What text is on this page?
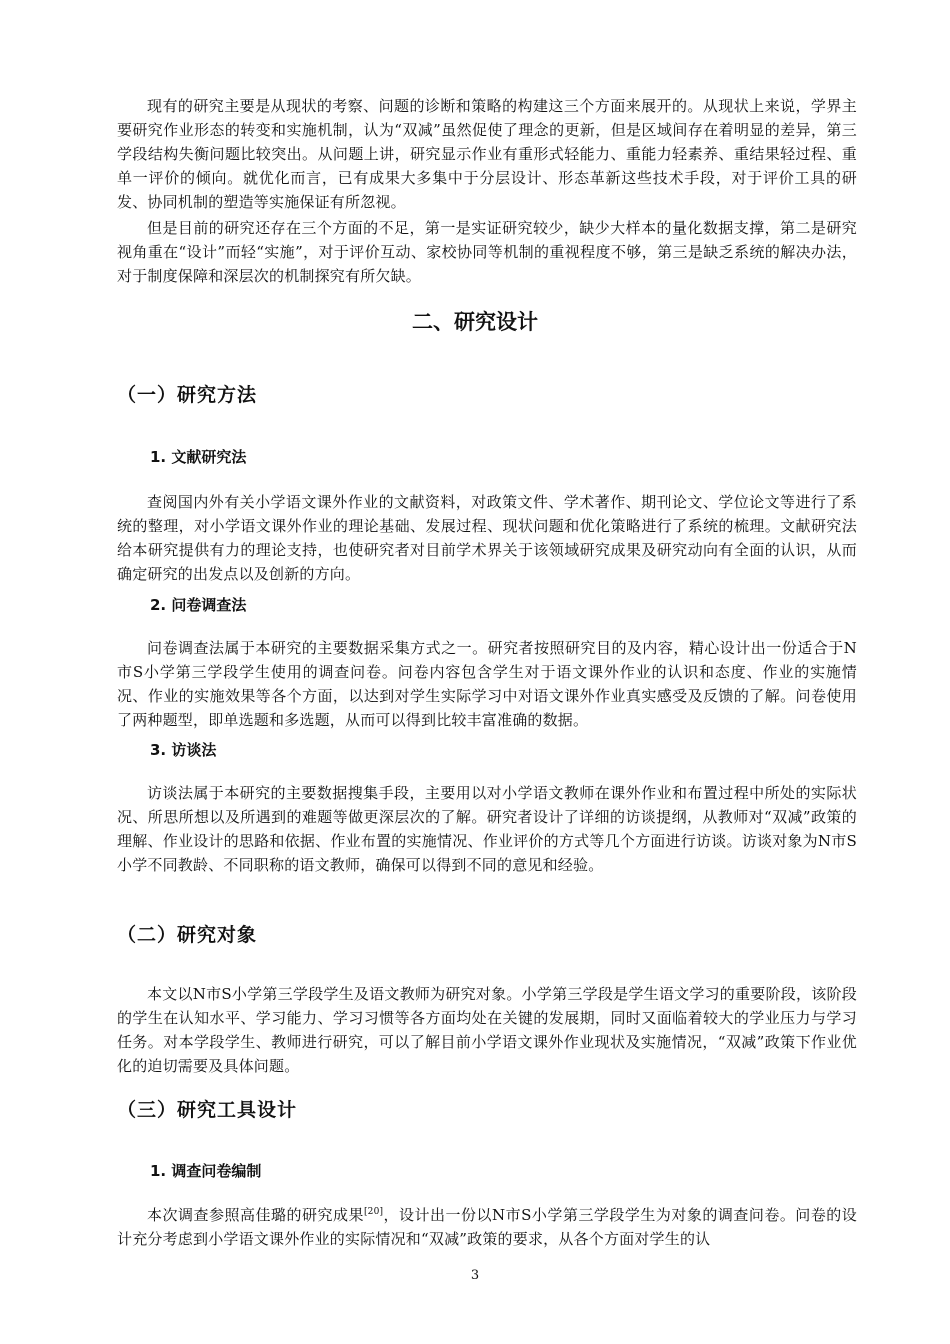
现有的研究主要是从现状的考察、问题的诊断和策略的构建这三个方面来展开的。从现状上来说，学界主要研究作业形态的转变和实施机制，认为“双减”虽然促使了理念的更新，但是区域间存在着明显的差异，第三学段结构失衡问题比较突出。从问题上讲，研究显示作业有重形式轻能力、重能力轻素养、重结果轻过程、重单一评价的倾向。就优化而言，已有成果大多集中于分层设计、形态革新这些技术手段，对于评价工具的研发、协同机制的塑造等实施保证有所忽视。

但是目前的研究还存在三个方面的不足，第一是实证研究较少，缺少大样本的量化数据支撑，第二是研究视角重在“设计”而轻“实施”，对于评价互动、家校协同等机制的重视程度不够，第三是缺乏系统的解决办法，对于制度保障和深层次的机制探究有所欠缺。

二、研究设计
（一）研究方法
1. 文献研究法

查阅国内外有关小学语文课外作业的文献资料，对政策文件、学术著作、期刊论文、学位论文等进行了系统的整理，对小学语文课外作业的理论基础、发展过程、现状问题和优化策略进行了系统的梳理。文献研究法给本研究提供有力的理论支持，也使研究者对目前学术界关于该领域研究成果及研究动向有全面的认识，从而确定研究的出发点以及创新的方向。

2. 问卷调查法

问卷调查法属于本研究的主要数据采集方式之一。研究者按照研究目的及内容，精心设计出一份适合于N市S小学第三学段学生使用的调查问卷。问卷内容包含学生对于语文课外作业的认识和态度、作业的实施情况、作业的实施效果等各个方面，以达到对学生实际学习中对语文课外作业真实感受及反馈的了解。问卷使用了两种题型，即单选题和多选题，从而可以得到比较丰富准确的数据。

3. 访谈法

访谈法属于本研究的主要数据搜集手段，主要用以对小学语文教师在课外作业和布置过程中所处的实际状况、所思所想以及所遇到的难题等做更深层次的了解。研究者设计了详细的访谈提纲，从教师对“双减”政策的理解、作业设计的思路和依据、作业布置的实施情况、作业评价的方式等几个方面进行访谈。访谈对象为N市S小学不同教龄、不同职称的语文教师，确保可以得到不同的意见和经验。

（二）研究对象

本文以N市S小学第三学段学生及语文教师为研究对象。小学第三学段是学生语文学习的重要阶段，该阶段的学生在认知水平、学习能力、学习习惯等各方面均处在关键的发展期，同时又面临着较大的学业压力与学习任务。对本学段学生、教师进行研究，可以了解目前小学语文课外作业现状及实施情况，“双减”政策下作业优化的迫切需要及具体问题。

（三）研究工具设计
1. 调查问卷编制

本次调查参照高佳璐的研究成果[20]，设计出一份以N市S小学第三学段学生为对象的调查问卷。问卷的设计充分考虑到小学语文课外作业的实际情况和“双减”政策的要求，从各个方面对学生的认

3
